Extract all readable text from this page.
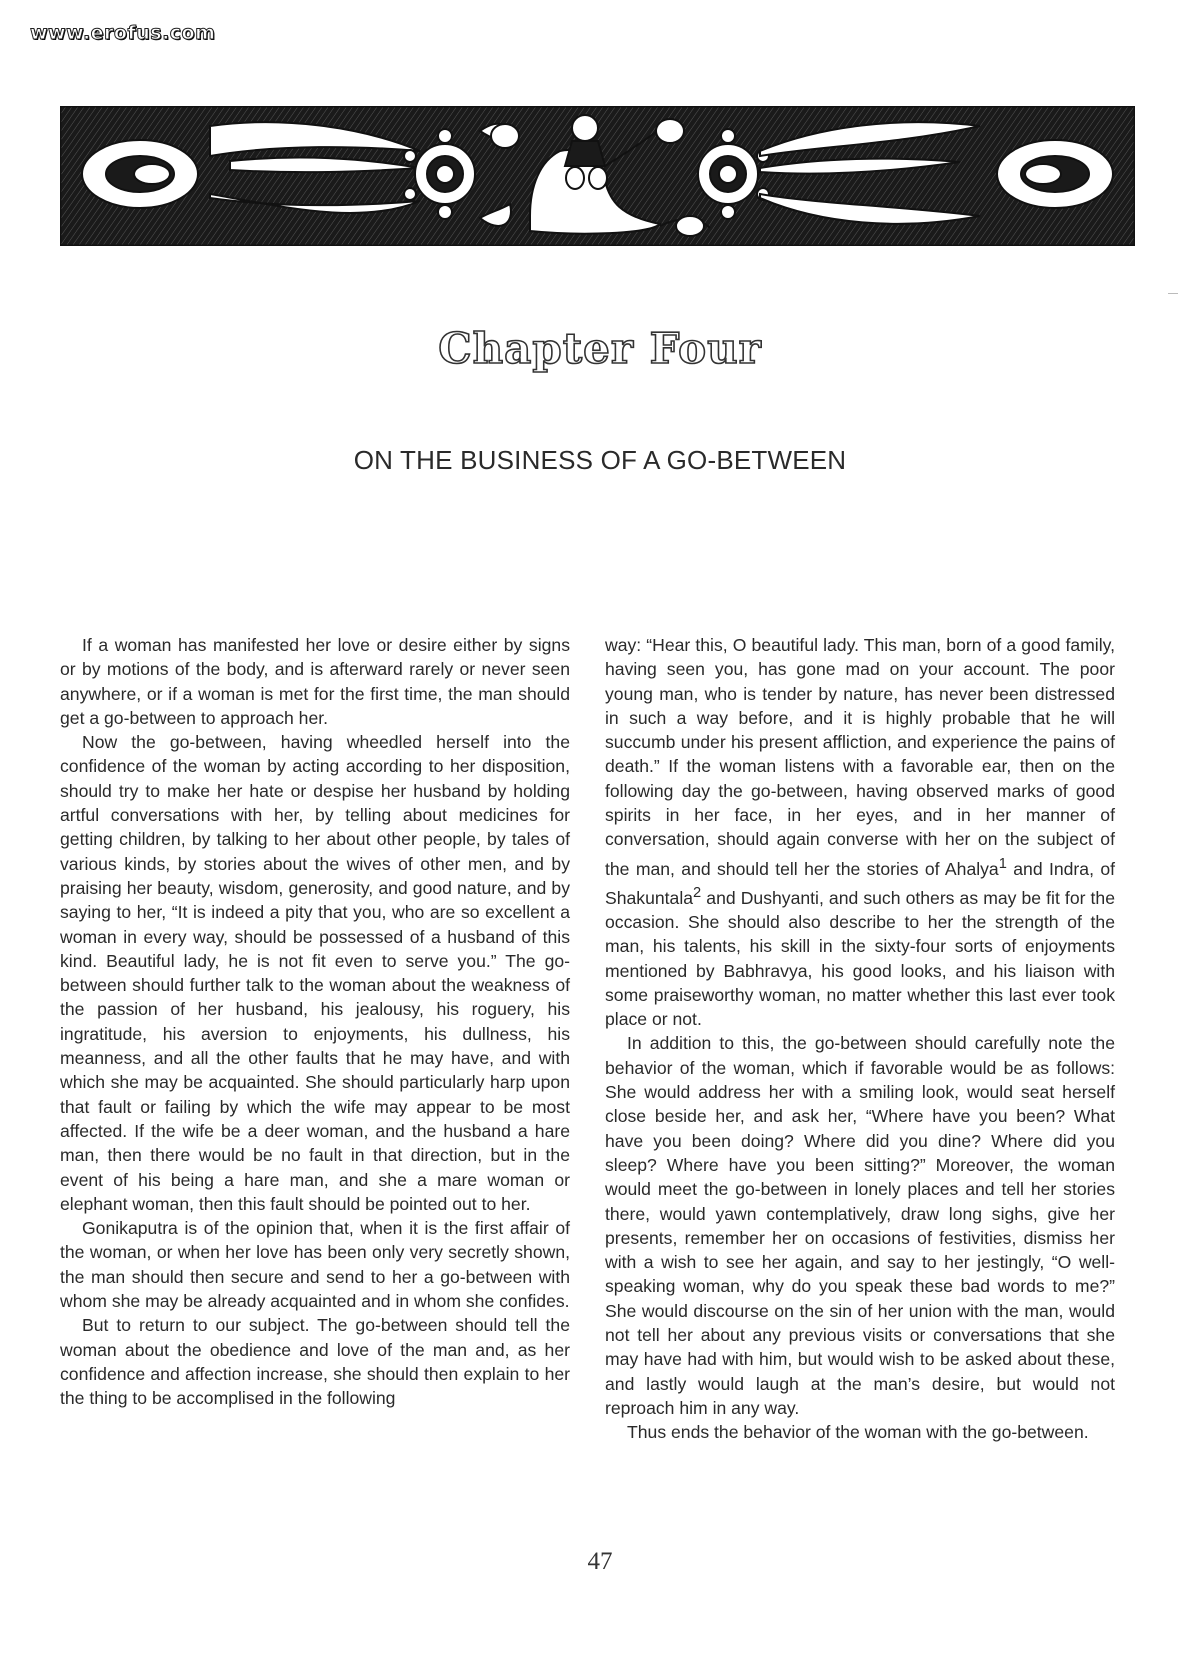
www.erofus.com
Chapter Four
ON THE BUSINESS OF A GO-BETWEEN

If a woman has manifested her love or desire either by signs or by motions of the body, and is afterward rarely or never seen anywhere, or if a woman is met for the first time, the man should get a go-between to approach her.

Now the go-between, having wheedled herself into the confidence of the woman by acting according to her disposition, should try to make her hate or despise her husband by holding artful conversations with her, by telling about medicines for getting children, by talking to her about other people, by tales of various kinds, by stories about the wives of other men, and by praising her beauty, wisdom, generosity, and good nature, and by saying to her, “It is indeed a pity that you, who are so excellent a woman in every way, should be possessed of a husband of this kind. Beautiful lady, he is not fit even to serve you.” The go-between should further talk to the woman about the weakness of the passion of her husband, his jealousy, his roguery, his ingratitude, his aversion to enjoyments, his dullness, his meanness, and all the other faults that he may have, and with which she may be acquainted. She should particularly harp upon that fault or failing by which the wife may appear to be most affected. If the wife be a deer woman, and the husband a hare man, then there would be no fault in that direction, but in the event of his being a hare man, and she a mare woman or elephant woman, then this fault should be pointed out to her.

Gonikaputra is of the opinion that, when it is the first affair of the woman, or when her love has been only very secretly shown, the man should then secure and send to her a go-between with whom she may be already acquainted and in whom she confides.

But to return to our subject. The go-between should tell the woman about the obedience and love of the man and, as her confidence and affection increase, she should then explain to her the thing to be accomplised in the following

way: “Hear this, O beautiful lady. This man, born of a good family, having seen you, has gone mad on your account. The poor young man, who is tender by nature, has never been distressed in such a way before, and it is highly probable that he will succumb under his present affliction, and experience the pains of death.” If the woman listens with a favorable ear, then on the following day the go-between, having observed marks of good spirits in her face, in her eyes, and in her manner of conversation, should again converse with her on the subject of the man, and should tell her the stories of Ahalya$^1$ and Indra, of Shakuntala$^2$ and Dushyanti, and such others as may be fit for the occasion. She should also describe to her the strength of the man, his talents, his skill in the sixty-four sorts of enjoyments mentioned by Babhravya, his good looks, and his liaison with some praiseworthy woman, no matter whether this last ever took place or not.

In addition to this, the go-between should carefully note the behavior of the woman, which if favorable would be as follows: She would address her with a smiling look, would seat herself close beside her, and ask her, “Where have you been? What have you been doing? Where did you dine? Where did you sleep? Where have you been sitting?” Moreover, the woman would meet the go-between in lonely places and tell her stories there, would yawn contemplatively, draw long sighs, give her presents, remember her on occasions of festivities, dismiss her with a wish to see her again, and say to her jestingly, “O well-speaking woman, why do you speak these bad words to me?” She would discourse on the sin of her union with the man, would not tell her about any previous visits or conversations that she may have had with him, but would wish to be asked about these, and lastly would laugh at the man’s desire, but would not reproach him in any way.

Thus ends the behavior of the woman with the go-between.

47
